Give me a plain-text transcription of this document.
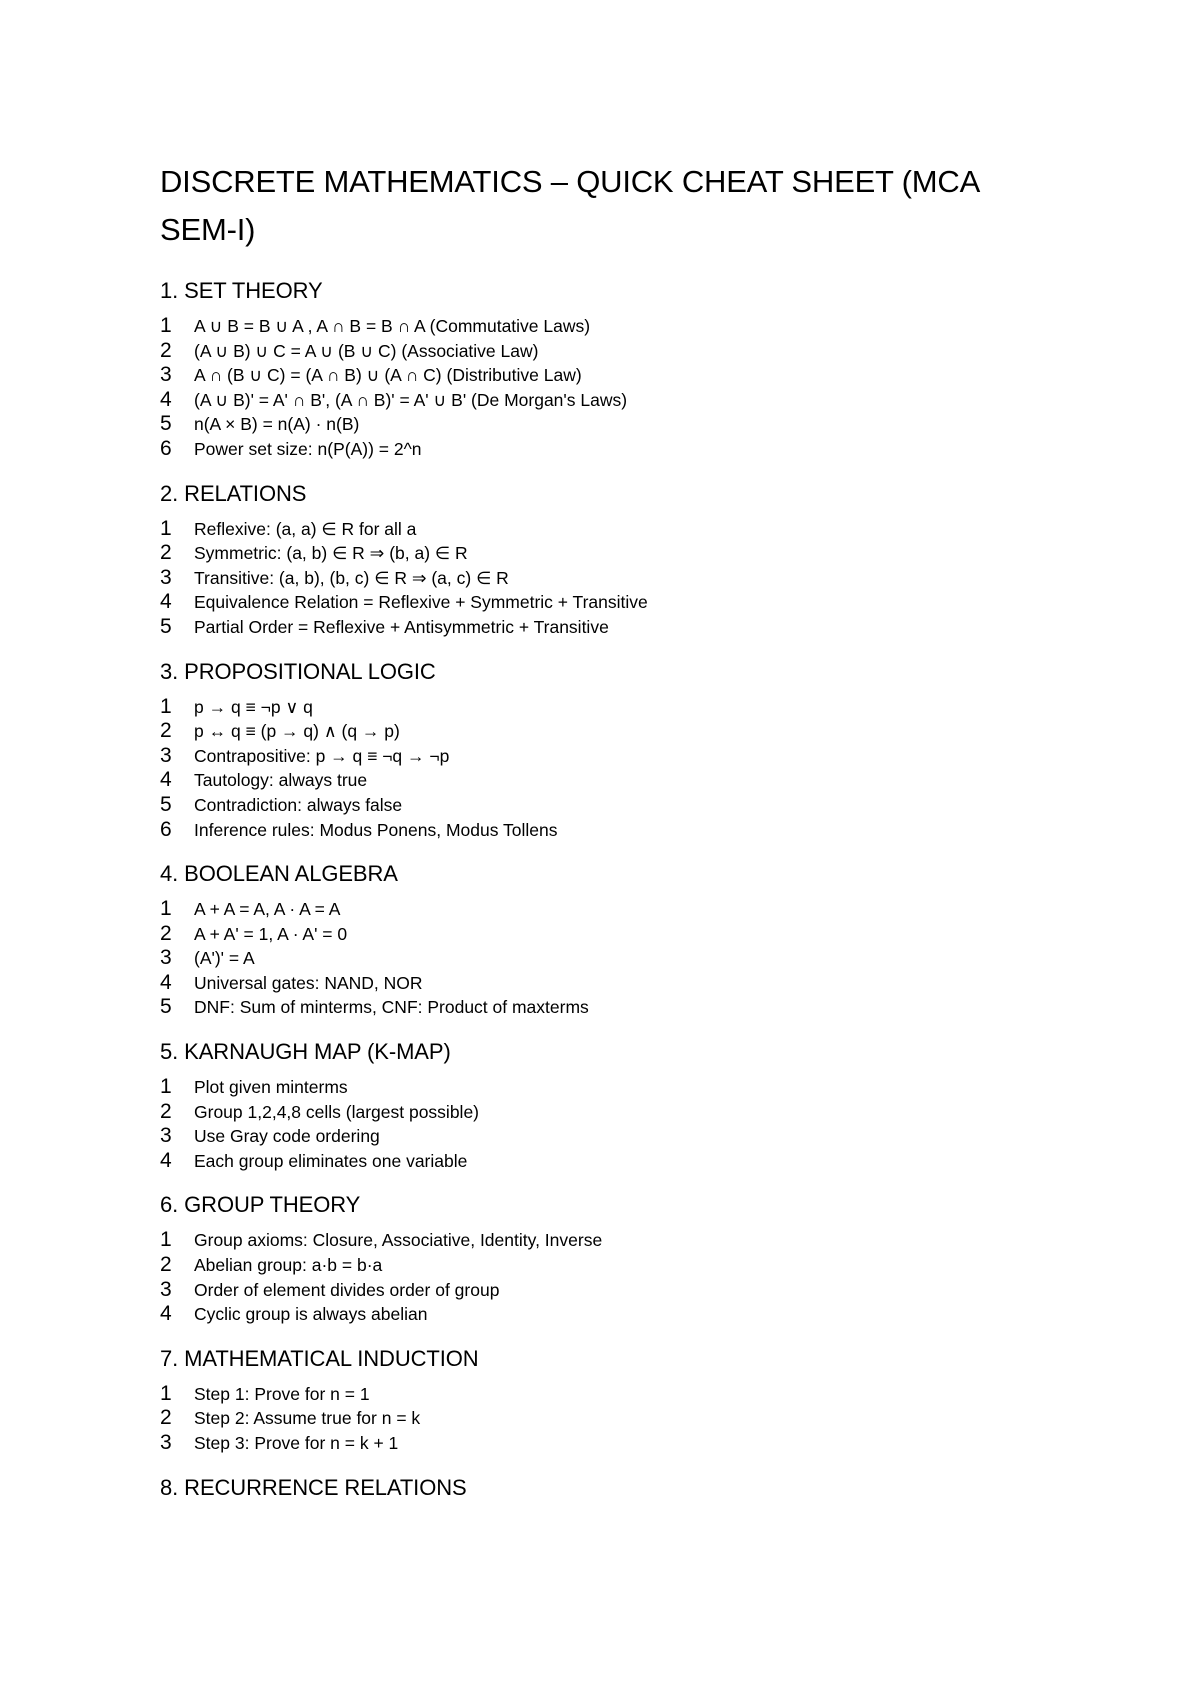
DISCRETE MATHEMATICS – QUICK CHEAT SHEET (MCA SEM-I)
1. SET THEORY
1	A ∪ B = B ∪ A , A ∩ B = B ∩ A (Commutative Laws)
2	(A ∪ B) ∪ C = A ∪ (B ∪ C) (Associative Law)
3	A ∩ (B ∪ C) = (A ∩ B) ∪ (A ∩ C) (Distributive Law)
4	(A ∪ B)' = A' ∩ B', (A ∩ B)' = A' ∪ B' (De Morgan's Laws)
5	n(A × B) = n(A) · n(B)
6	Power set size: n(P(A)) = 2^n
2. RELATIONS
1	Reflexive: (a, a) ∈ R for all a
2	Symmetric: (a, b) ∈ R ⇒ (b, a) ∈ R
3	Transitive: (a, b), (b, c) ∈ R ⇒ (a, c) ∈ R
4	Equivalence Relation = Reflexive + Symmetric + Transitive
5	Partial Order = Reflexive + Antisymmetric + Transitive
3. PROPOSITIONAL LOGIC
1	p → q ≡ ¬p ∨ q
2	p ↔ q ≡ (p → q) ∧ (q → p)
3	Contrapositive: p → q ≡ ¬q → ¬p
4	Tautology: always true
5	Contradiction: always false
6	Inference rules: Modus Ponens, Modus Tollens
4. BOOLEAN ALGEBRA
1	A + A = A, A · A = A
2	A + A' = 1, A · A' = 0
3	(A')' = A
4	Universal gates: NAND, NOR
5	DNF: Sum of minterms, CNF: Product of maxterms
5. KARNAUGH MAP (K-MAP)
1	Plot given minterms
2	Group 1,2,4,8 cells (largest possible)
3	Use Gray code ordering
4	Each group eliminates one variable
6. GROUP THEORY
1	Group axioms: Closure, Associative, Identity, Inverse
2	Abelian group: a·b = b·a
3	Order of element divides order of group
4	Cyclic group is always abelian
7. MATHEMATICAL INDUCTION
1	Step 1: Prove for n = 1
2	Step 2: Assume true for n = k
3	Step 3: Prove for n = k + 1
8. RECURRENCE RELATIONS
